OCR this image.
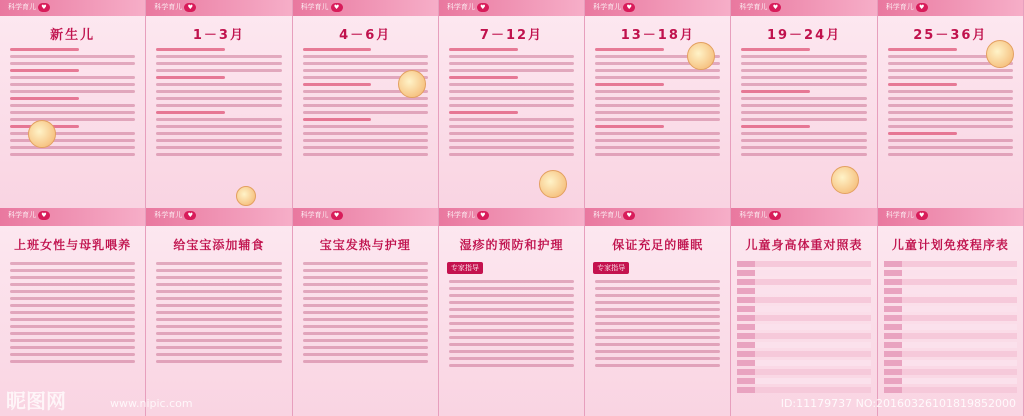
科学育儿 ♥
新生儿
科学育儿 ♥
1－3月
科学育儿 ♥
4－6月
科学育儿 ♥
7－12月
科学育儿 ♥
13－18月
科学育儿 ♥
19－24月
科学育儿 ♥
25－36月
科学育儿 ♥
上班女性与母乳喂养
科学育儿 ♥
给宝宝添加辅食
科学育儿 ♥
宝宝发热与护理
科学育儿 ♥
湿疹的预防和护理
专家指导
科学育儿 ♥
保证充足的睡眠
专家指导
科学育儿 ♥
儿童身高体重对照表
科学育儿 ♥
儿童计划免疫程序表
昵图网	www.nipic.com	ID:11179737 NO:20160326101819852000
